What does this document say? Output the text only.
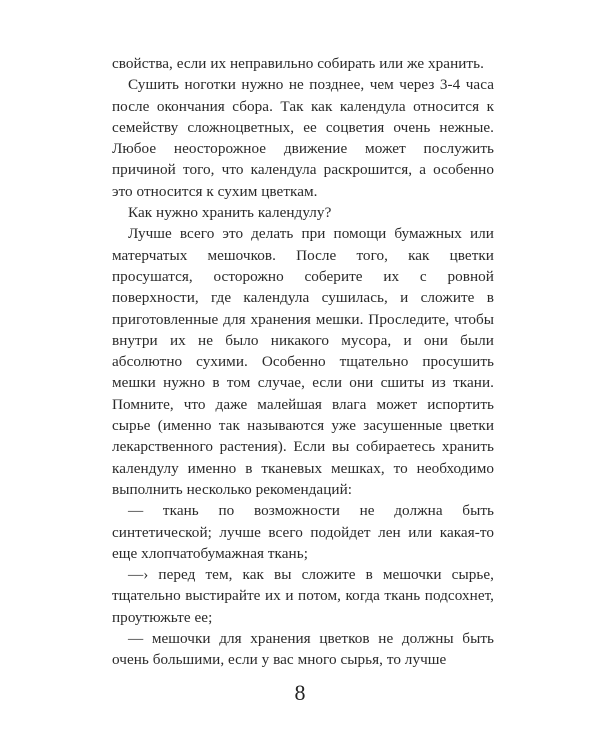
свойства, если их неправильно собирать или же хранить.

Сушить ноготки нужно не позднее, чем через 3-4 часа после окончания сбора. Так как календула относится к семейству сложноцветных, ее соцветия очень нежные. Любое неосторожное движение может послужить причиной того, что календула раскрошится, а особенно это относится к сухим цветкам.

Как нужно хранить календулу?

Лучше всего это делать при помощи бумажных или матерчатых мешочков. После того, как цветки просушатся, осторожно соберите их с ровной поверхности, где календула сушилась, и сложите в приготовленные для хранения мешки. Проследите, чтобы внутри их не было никакого мусора, и они были абсолютно сухими. Особенно тщательно просушить мешки нужно в том случае, если они сшиты из ткани. Помните, что даже малейшая влага может испортить сырье (именно так называются уже засушенные цветки лекарственного растения). Если вы собираетесь хранить календулу именно в тканевых мешках, то необходимо выполнить несколько рекомендаций:

— ткань по возможности не должна быть синтетической; лучше всего подойдет лен или какая-то еще хлопчатобумажная ткань;

—› перед тем, как вы сложите в мешочки сырье, тщательно выстирайте их и потом, когда ткань подсохнет, проутюжьте ее;

— мешочки для хранения цветков не должны быть очень большими, если у вас много сырья, то лучше

8
